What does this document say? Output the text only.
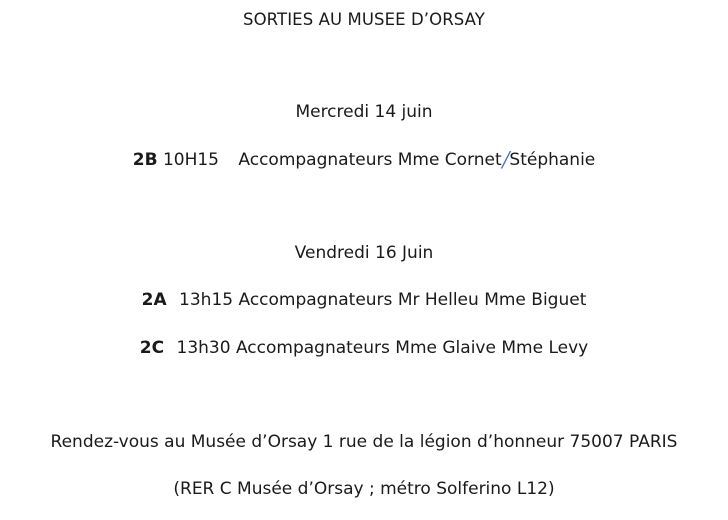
SORTIES AU MUSEE D’ORSAY
Mercredi 14 juin
2B 10H15 Accompagnateurs Mme Cornet/Stéphanie
Vendredi 16 Juin
2A 13h15 Accompagnateurs Mr Helleu Mme Biguet
2C 13h30 Accompagnateurs Mme Glaive Mme Levy
Rendez-vous au Musée d’Orsay 1 rue de la légion d’honneur 75007 PARIS
(RER C Musée d’Orsay ; métro Solferino L12)
